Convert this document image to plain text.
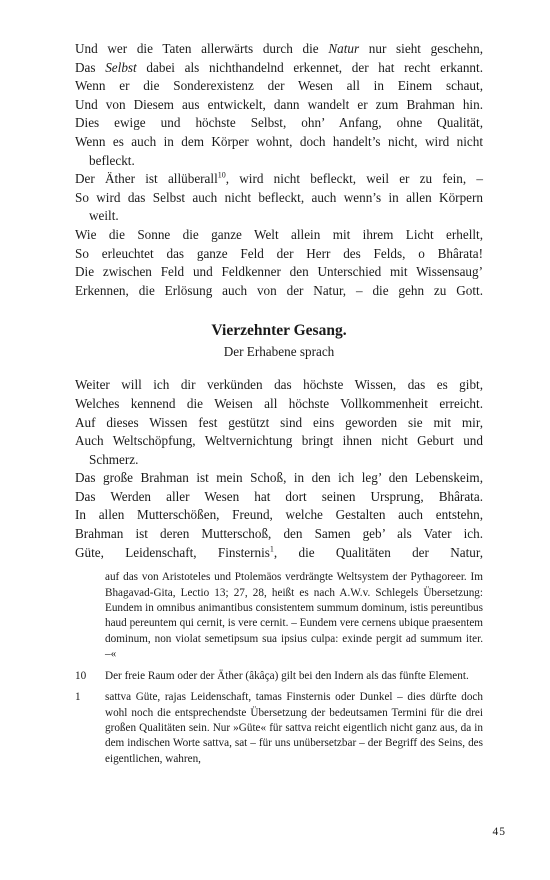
Und wer die Taten allerwärts durch die Natur nur sieht geschehn,
Das Selbst dabei als nichthandelnd erkennet, der hat recht erkannt.
Wenn er die Sonderexistenz der Wesen all in Einem schaut,
Und von Diesem aus entwickelt, dann wandelt er zum Brahman hin.
Dies ewige und höchste Selbst, ohn’ Anfang, ohne Qualität,
Wenn es auch in dem Körper wohnt, doch handelt’s nicht, wird nicht
befleckt.
Der Äther ist allüberall$^{10}$, wird nicht befleckt, weil er zu fein, –
So wird das Selbst auch nicht befleckt, auch wenn’s in allen Körpern
weilt.
Wie die Sonne die ganze Welt allein mit ihrem Licht erhellt,
So erleuchtet das ganze Feld der Herr des Felds, o Bhârata!
Die zwischen Feld und Feldkenner den Unterschied mit Wissensaug’
Erkennen, die Erlösung auch von der Natur, – die gehn zu Gott.
Vierzehnter Gesang.
Der Erhabene sprach
Weiter will ich dir verkünden das höchste Wissen, das es gibt,
Welches kennend die Weisen all höchste Vollkommenheit erreicht.
Auf dieses Wissen fest gestützt sind eins geworden sie mit mir,
Auch Weltschöpfung, Weltvernichtung bringt ihnen nicht Geburt und
Schmerz.
Das große Brahman ist mein Schoß, in den ich leg’ den Lebenskeim,
Das Werden aller Wesen hat dort seinen Ursprung, Bhârata.
In allen Mutterschößen, Freund, welche Gestalten auch entstehn,
Brahman ist deren Mutterschoß, den Samen geb’ als Vater ich.
Güte, Leidenschaft, Finsternis$^1$, die Qualitäten der Natur,
auf das von Aristoteles und Ptolemäos verdrängte Weltsystem der Pythagoreer. Im Bhagavad-Gita, Lectio 13; 27, 28, heißt es nach A.W.v. Schlegels Übersetzung: Eundem in omnibus animantibus consistentem summum dominum, istis pereuntibus haud pereuntem qui cernit, is vere cernit. – Eundem vere cernens ubique praesentem dominum, non violat semetipsum sua ipsius culpa: exinde pergit ad summum iter. –«
10	Der freie Raum oder der Äther (âkâça) gilt bei den Indern als das fünfte Element.
1	sattva Güte, rajas Leidenschaft, tamas Finsternis oder Dunkel – dies dürfte doch wohl noch die entsprechendste Übersetzung der bedeutsamen Termini für die drei großen Qualitäten sein. Nur »Güte« für sattva reicht eigentlich nicht ganz aus, da in dem indischen Worte sattva, sat – für uns unübersetzbar – der Begriff des Seins, des eigentlichen, wahren,
45
